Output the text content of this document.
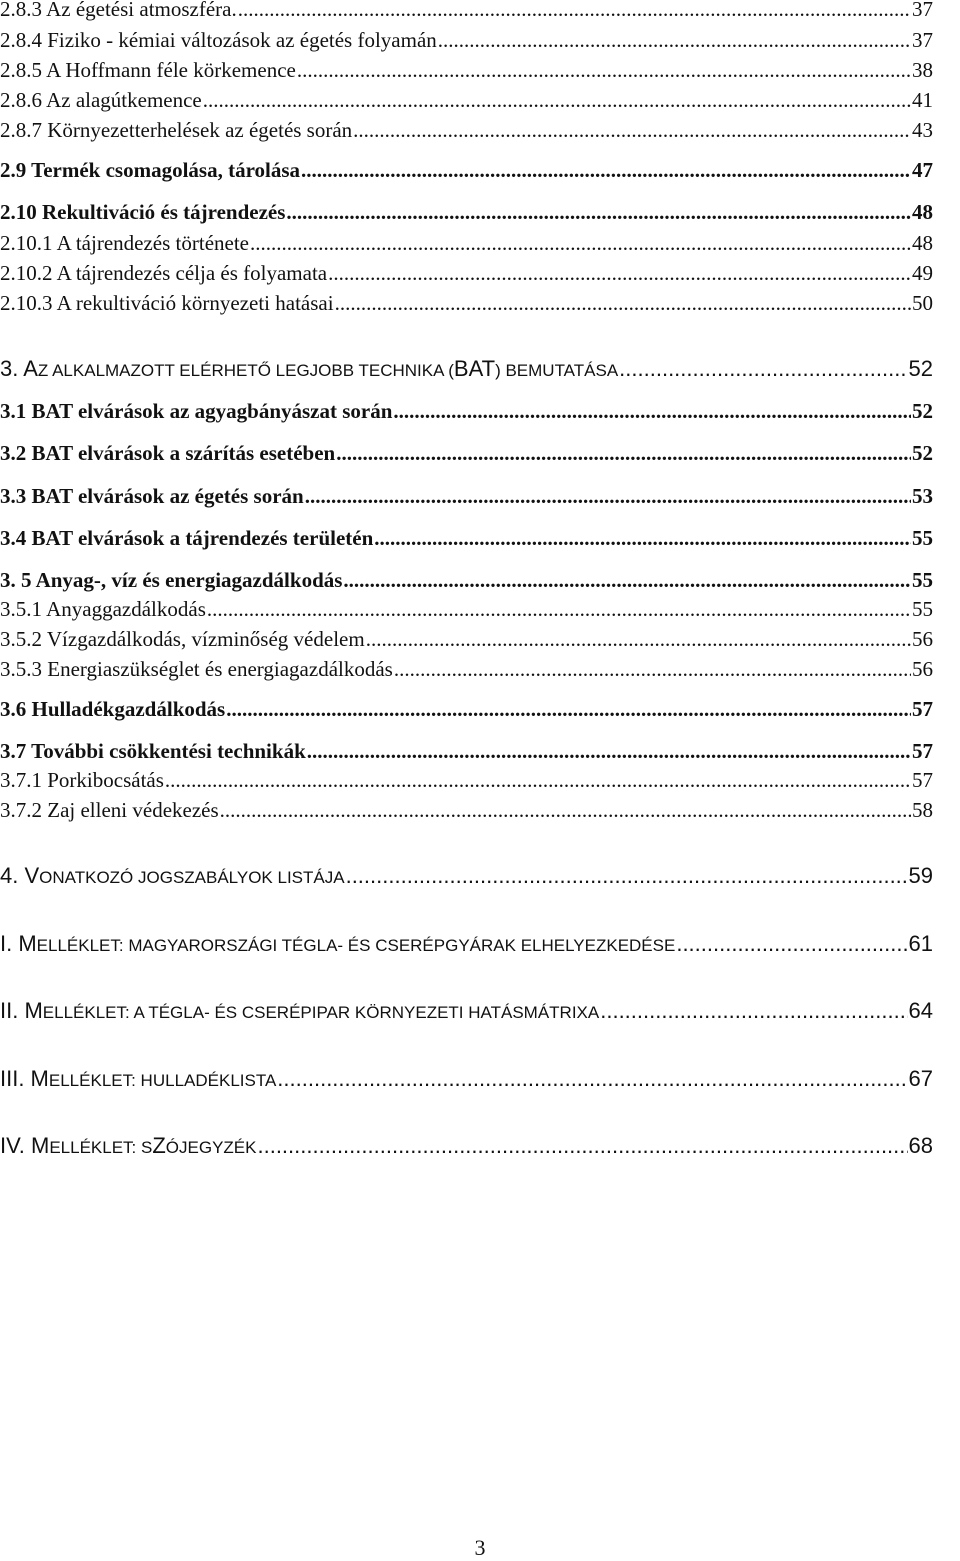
2.8.3 Az égetési atmoszféra. .....	37
2.8.4 Fiziko - kémiai változások az égetés folyamán .....	37
2.8.5 A Hoffmann féle körkemence .....	38
2.8.6 Az alagútkemence .....	41
2.8.7 Környezetterhelések az égetés során .....	43
2.9 Termék csomagolása, tárolása .....	47
2.10 Rekultiváció és tájrendezés .....	48
2.10.1 A tájrendezés története .....	48
2.10.2 A tájrendezés célja és folyamata .....	49
2.10.3 A rekultiváció környezeti hatásai .....	50
3. AZ ALKALMAZOTT ELÉRHETŐ LEGJOBB TECHNIKA (BAT) BEMUTATÁSA .....	52
3.1 BAT elvárások az agyagbányászat során .....	52
3.2 BAT elvárások a szárítás esetében .....	52
3.3 BAT elvárások az égetés során .....	53
3.4 BAT elvárások a tájrendezés területén .....	55
3. 5 Anyag-, víz és energiagazdálkodás .....	55
3.5.1 Anyaggazdálkodás .....	55
3.5.2 Vízgazdálkodás, vízminőség védelem .....	56
3.5.3 Energiaszükséglet és energiagazdálkodás .....	56
3.6 Hulladékgazdálkodás .....	57
3.7 További csökkentési technikák .....	57
3.7.1 Porkibocsátás .....	57
3.7.2 Zaj elleni védekezés .....	58
4. VONATKOZÓ JOGSZABÁLYOK LISTÁJA .....	59
I. MELLÉKLET: MAGYARORSZÁGI TÉGLA- ÉS CSERÉPGYÁRAK ELHELYEZKEDÉSE .....	61
II. MELLÉKLET: A TÉGLA- ÉS CSERÉPIPAR KÖRNYEZETI HATÁSMÁTRIXA .....	64
III. MELLÉKLET: HULLADÉKLISTA .....	67
IV. MELLÉKLET: SZÓJEGYZÉK .....	68
3
